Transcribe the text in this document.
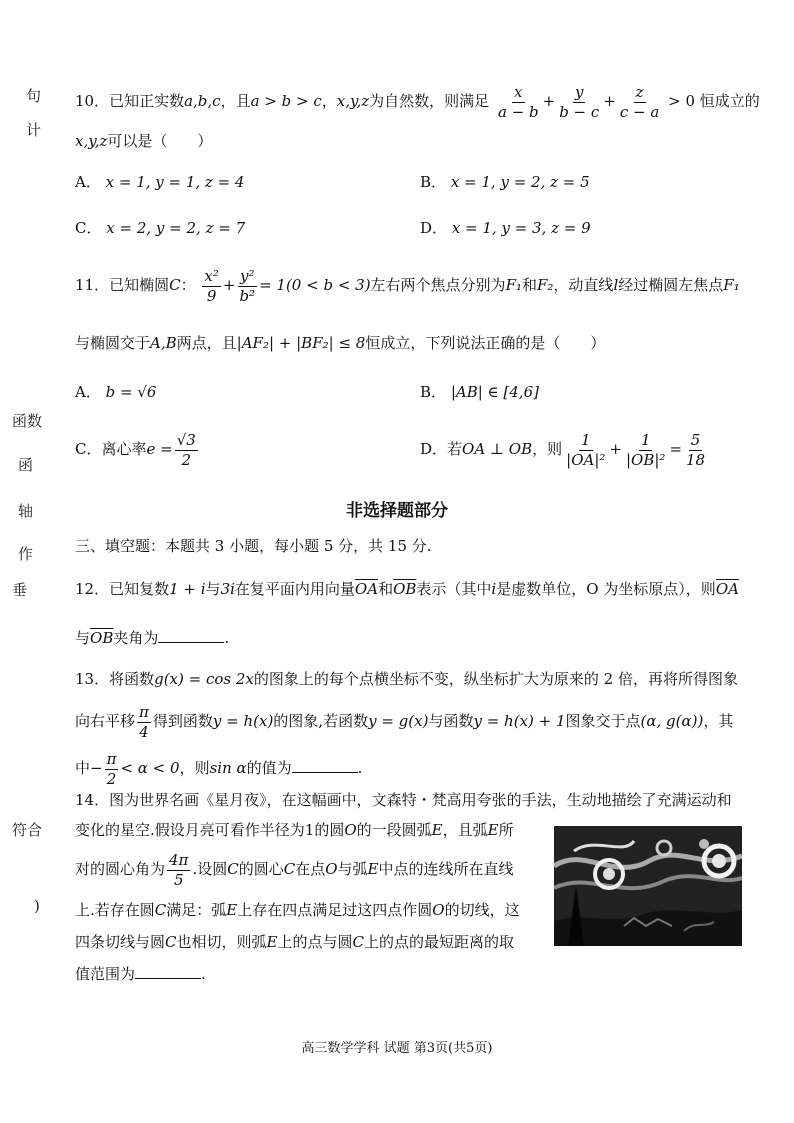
句
计
函数
函
轴
作
垂
符合
)
10．已知正实数a,b,c，且a > b > c，x,y,z为自然数，则满足 $\frac{x}{a - b} + \frac{y}{b - c} + \frac{z}{c - a} > 0$ 恒成立的
x,y,z可以是（　　）
A． x = 1, y = 1, z = 4	B． x = 1, y = 2, z = 5
C． x = 2, y = 2, z = 7	D． x = 1, y = 3, z = 9
11．已知椭圆C： $\frac{\text{x²}}{9} + \frac{\text{y²}}{\text{b²}} = 1(0 < b < 3)$左右两个焦点分别为F₁和F₂，动直线l经过椭圆左焦点F₁
与椭圆交于A,B两点，且|AF₂| + |BF₂| ≤ 8恒成立，下列说法正确的是（　　）
A． b = √6	B． |AB| ∈ [4,6]
C．离心率$e = \frac{√3}{2}$	D．若OA ⊥ OB，则 $\frac{1}{\text{|OA|²}} + \frac{1}{\text{|OB|²}} = \frac{5}{18}$
非选择题部分
三、填空题：本题共 3 小题，每小题 5 分，共 15 分.
12．已知复数1 + i与3i在复平面内用向量$\overline{OA}$和$\overline{OB}$表示（其中i是虚数单位，O 为坐标原点），则$\overline{OA}$
与$\overline{OB}$夹角为	.
13．将函数g(x) = cos 2x的图象上的每个点横坐标不变，纵坐标扩大为原来的 2 倍，再将所得图象
向右平移 $\frac{\pi}{4}$ 得到函数y = h(x)的图象,若函数y = g(x)与函数y = h(x) + 1图象交于点(α, g(α))，其
中− $\frac{\pi}{2} < \alpha < 0$，则sin α的值为	.
14．图为世界名画《星月夜》，在这幅画中，文森特・梵高用夸张的手法，生动地描绘了充满运动和
变化的星空.假设月亮可看作半径为1的圆O的一段圆弧E，且弧E所
对的圆心角为 $\frac{4\pi}{5}$ .设圆C的圆心C在点O与弧E中点的连线所在直线
上.若存在圆C满足：弧E上存在四点满足过这四点作圆O的切线，这
四条切线与圆C也相切，则弧E上的点与圆C上的点的最短距离的取
值范围为	.
高三数学学科 试题 第3页(共5页)
